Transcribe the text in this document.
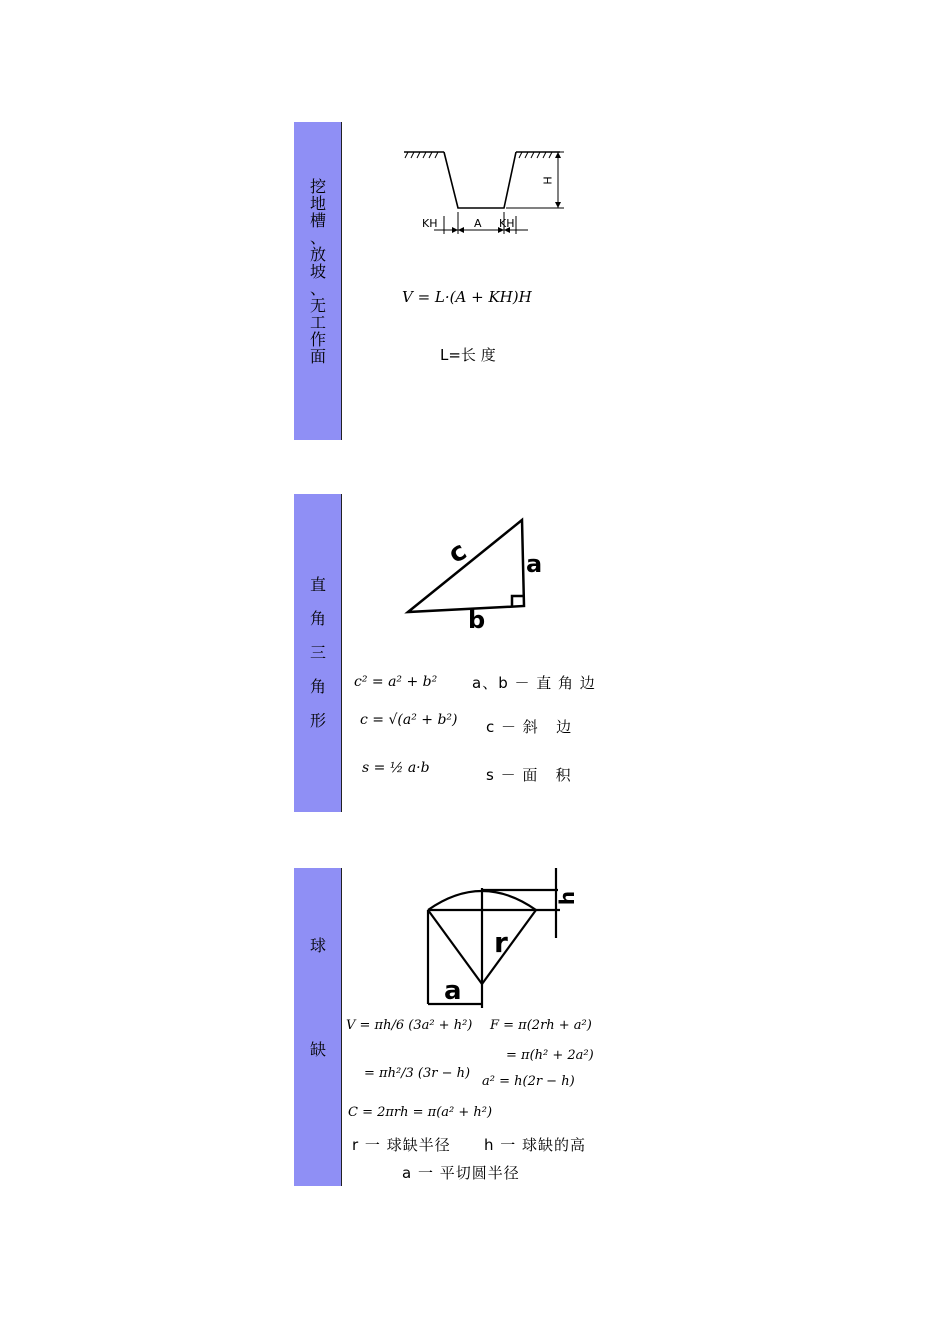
挖
地
槽
、
放
坡
、
无
工
作
面
KH	A KH
H
V = L·(A + KH)H
L=长 度
直
角
三
角
形
c a
b
c² = a² + b²
c = √(a² + b²)
s = ½ a·b
a、b － 直 角 边
c － 斜   边
s － 面   积
球
缺
r
a
h
V = πh/6 (3a² + h²)
= πh²/3 (3r − h)
F = π(2rh + a²)
= π(h² + 2a²)
a² = h(2r − h)
C = 2πrh = π(a² + h²)
r 一 球缺半径 h 一 球缺的高
a 一 平切圆半径
